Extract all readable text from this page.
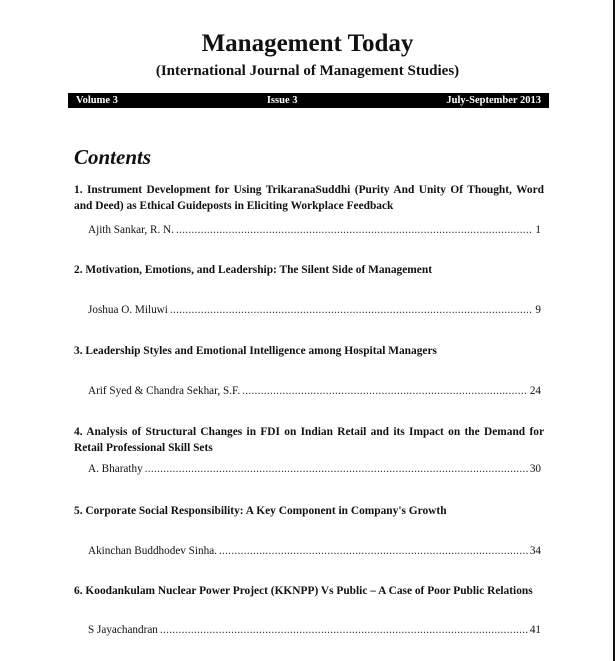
Management Today
(International Journal of Management Studies)
Volume 3	Issue 3	July-September 2013
Contents
1. Instrument Development for Using TrikaranaSuddhi (Purity And Unity Of Thought, Word and Deed) as Ethical Guideposts in Eliciting Workplace Feedback
Ajith Sankar, R. N. .....	1
2. Motivation, Emotions, and Leadership: The Silent Side of Management
Joshua O. Miluwi .....	9
3. Leadership Styles and Emotional Intelligence among Hospital Managers
Arif Syed & Chandra Sekhar, S.F. .....	24
4. Analysis of Structural Changes in FDI on Indian Retail and its Impact on the Demand for Retail Professional Skill Sets
A. Bharathy .....	30
5. Corporate Social Responsibility: A Key Component in Company's Growth
Akinchan Buddhodev Sinha. .....	34
6. Koodankulam Nuclear Power Project (KKNPP) Vs Public – A Case of Poor Public Relations
S Jayachandran .....	41
